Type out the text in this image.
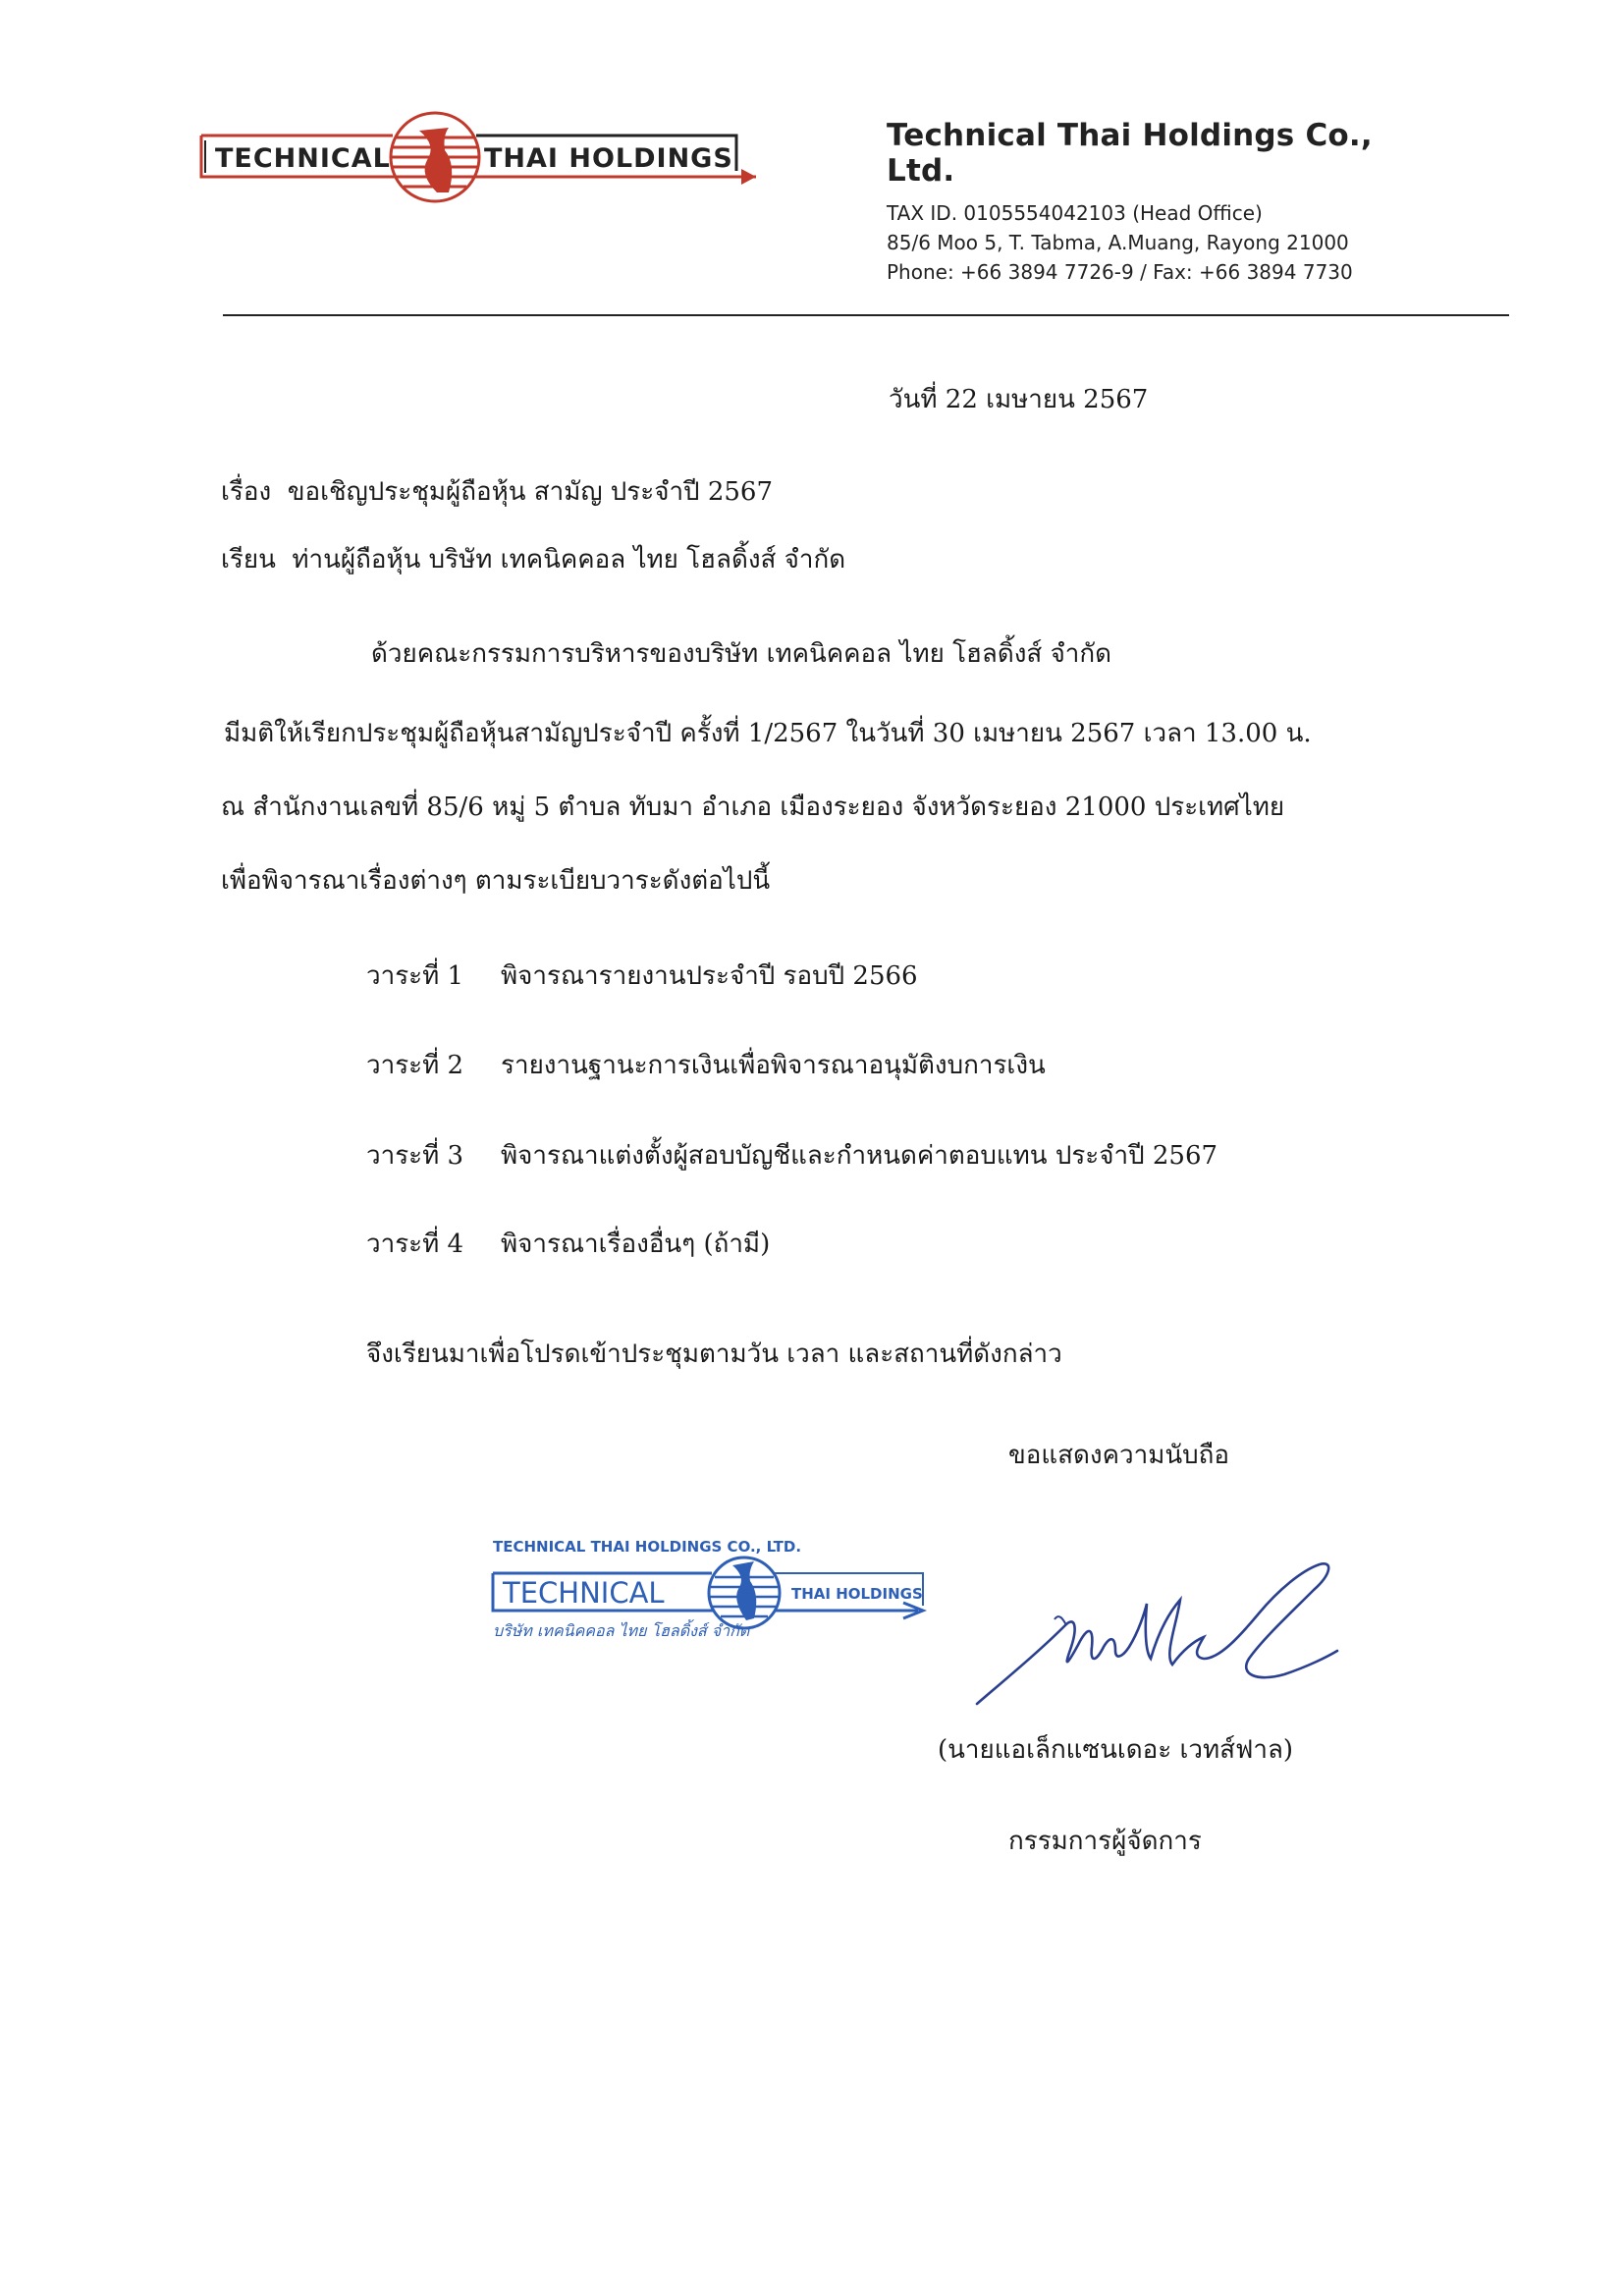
TECHNICAL	THAI HOLDINGS

Technical Thai Holdings Co., Ltd.

TAX ID. 0105554042103 (Head Office)

85/6 Moo 5, T. Tabma, A.Muang, Rayong 21000

Phone: +66 3894 7726-9 / Fax: +66 3894 7730

วันที่ 22 เมษายน 2567
เรื่อง ขอเชิญประชุมผู้ถือหุ้น สามัญ ประจำปี 2567
เรียน ท่านผู้ถือหุ้น บริษัท เทคนิคคอล ไทย โฮลดิ้งส์ จำกัด
ด้วยคณะกรรมการบริหารของบริษัท เทคนิคคอล ไทย โฮลดิ้งส์ จำกัด
มีมติให้เรียกประชุมผู้ถือหุ้นสามัญประจำปี ครั้งที่ 1/2567 ในวันที่ 30 เมษายน 2567 เวลา 13.00 น.
ณ สำนักงานเลขที่ 85/6 หมู่ 5 ตำบล ทับมา อำเภอ เมืองระยอง จังหวัดระยอง 21000 ประเทศไทย
เพื่อพิจารณาเรื่องต่างๆ ตามระเบียบวาระดังต่อไปนี้
วาระที่ 1 พิจารณารายงานประจำปี รอบปี 2566
วาระที่ 2 รายงานฐานะการเงินเพื่อพิจารณาอนุมัติงบการเงิน
วาระที่ 3 พิจารณาแต่งตั้งผู้สอบบัญชีและกำหนดค่าตอบแทน ประจำปี 2567
วาระที่ 4 พิจารณาเรื่องอื่นๆ (ถ้ามี)
จึงเรียนมาเพื่อโปรดเข้าประชุมตามวัน เวลา และสถานที่ดังกล่าว
ขอแสดงความนับถือ
TECHNICAL THAI HOLDINGS CO., LTD.
TECHNICAL	THAI HOLDINGS
บริษัท เทคนิคคอล ไทย โฮลดิ้งส์ จำกัด
(นายแอเล็กแซนเดอะ เวทส์ฟาล)
กรรมการผู้จัดการ
